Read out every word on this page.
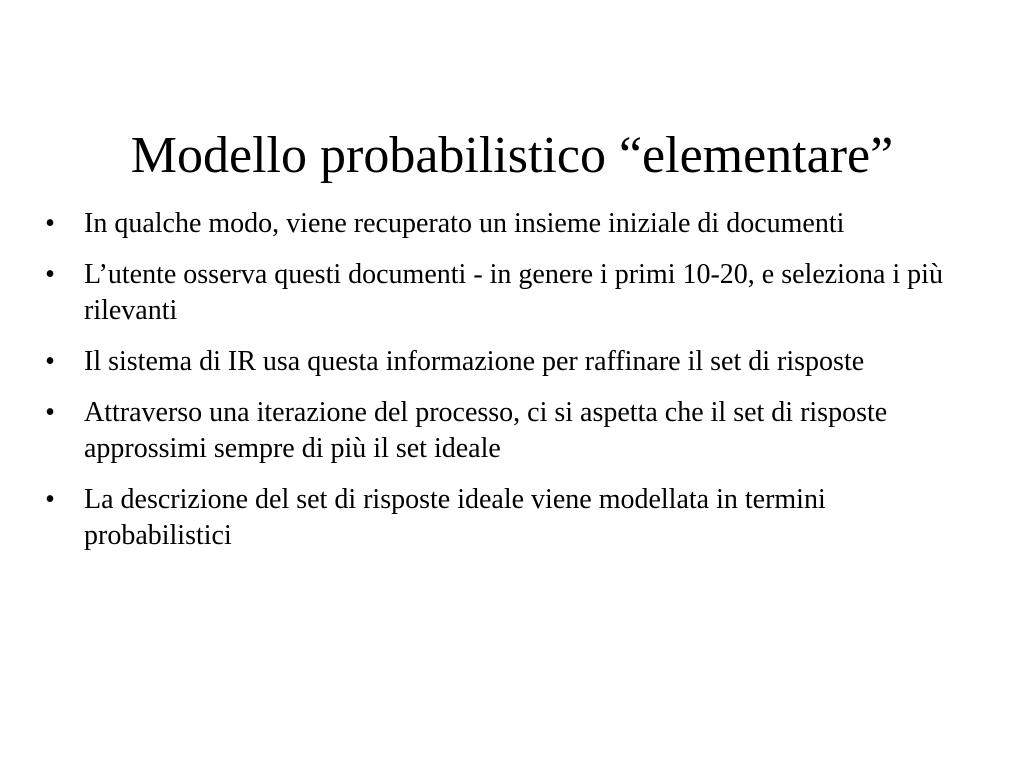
Modello probabilistico “elementare”
• In qualche modo, viene recuperato un insieme iniziale di documenti
• L’utente osserva questi documenti - in genere i primi 10-20, e seleziona i più rilevanti
• Il sistema di IR usa questa informazione per raffinare il set di risposte
• Attraverso una iterazione del processo, ci si aspetta che il set di risposte approssimi sempre di più il set ideale
• La descrizione del set di risposte ideale viene modellata in termini probabilistici
